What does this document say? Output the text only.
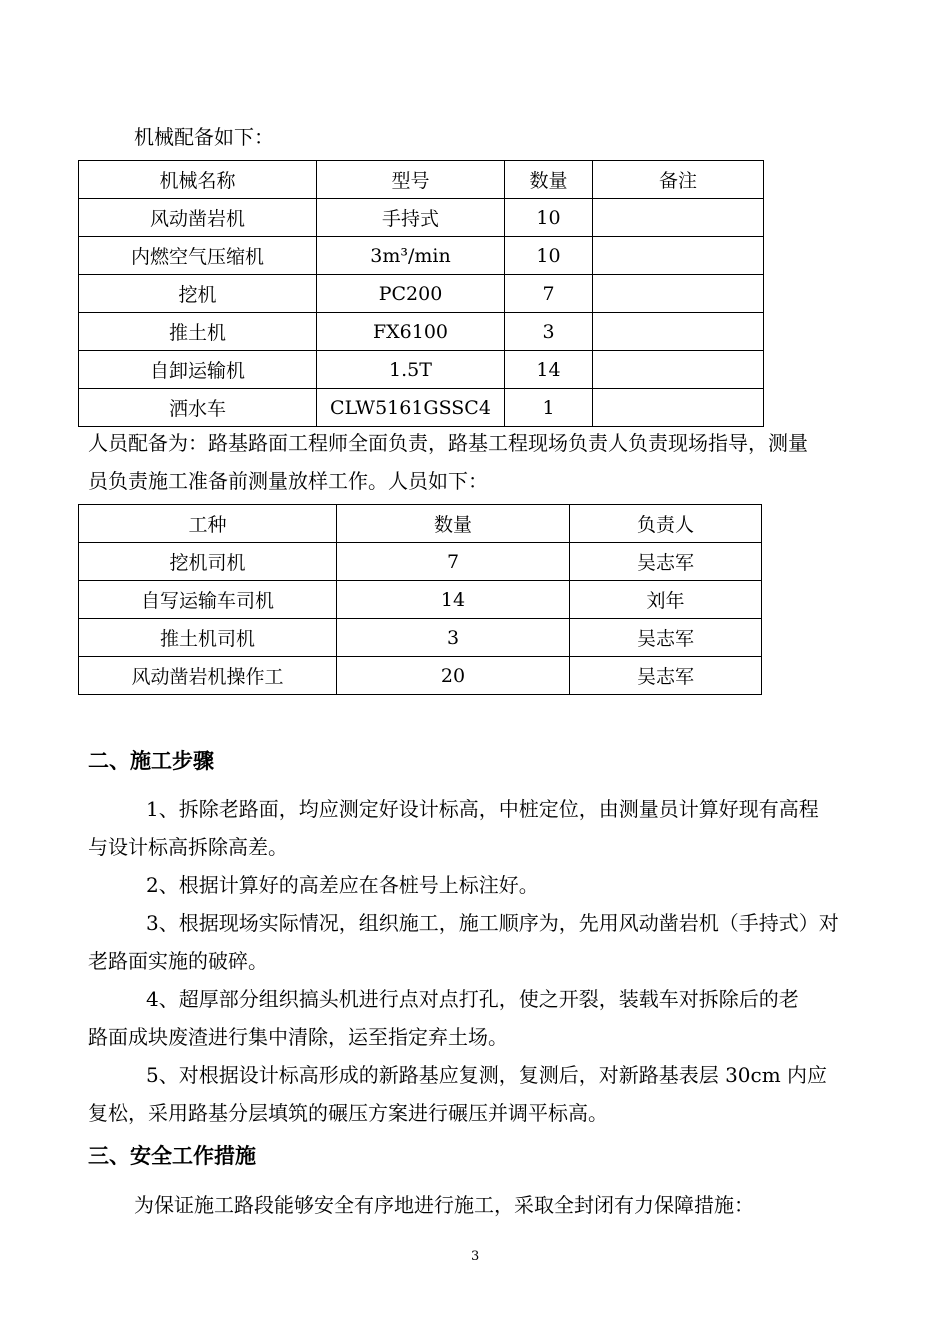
机械配备如下：
机械名称	型号	数量	备注
风动凿岩机	手持式	10	
内燃空气压缩机	3m³/min	10	
挖机	PC200	7	
推土机	FX6100	3	
自卸运输机	1.5T	14	
洒水车	CLW5161GSSC4	1	
人员配备为：路基路面工程师全面负责，路基工程现场负责人负责现场指导，测量
员负责施工准备前测量放样工作。人员如下：
工种	数量	负责人
挖机司机	7	吴志军
自写运输车司机	14	刘年
推土机司机	3	吴志军
风动凿岩机操作工	20	吴志军
二、施工步骤
1、拆除老路面，均应测定好设计标高，中桩定位，由测量员计算好现有高程
与设计标高拆除高差。
2、根据计算好的高差应在各桩号上标注好。
3、根据现场实际情况，组织施工，施工顺序为，先用风动凿岩机（手持式）对
老路面实施的破碎。
4、超厚部分组织搞头机进行点对点打孔，使之开裂，装载车对拆除后的老
路面成块废渣进行集中清除，运至指定弃土场。
5、对根据设计标高形成的新路基应复测，复测后，对新路基表层 30cm 内应
复松，采用路基分层填筑的碾压方案进行碾压并调平标高。
三、安全工作措施
为保证施工路段能够安全有序地进行施工，采取全封闭有力保障措施：
3
